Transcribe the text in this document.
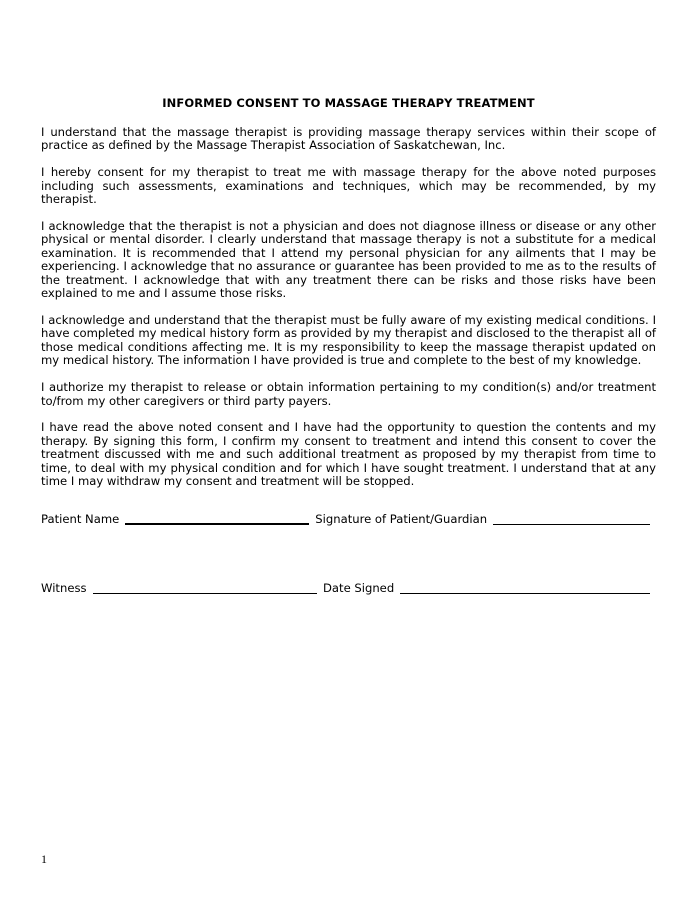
INFORMED CONSENT TO MASSAGE THERAPY TREATMENT

I understand that the massage therapist is providing massage therapy services within their scope of practice as defined by the Massage Therapist Association of Saskatchewan, Inc.

I hereby consent for my therapist to treat me with massage therapy for the above noted purposes including such assessments, examinations and techniques, which may be recommended, by my therapist.

I acknowledge that the therapist is not a physician and does not diagnose illness or disease or any other physical or mental disorder. I clearly understand that massage therapy is not a substitute for a medical examination. It is recommended that I attend my personal physician for any ailments that I may be experiencing. I acknowledge that no assurance or guarantee has been provided to me as to the results of the treatment. I acknowledge that with any treatment there can be risks and those risks have been explained to me and I assume those risks.

I acknowledge and understand that the therapist must be fully aware of my existing medical conditions. I have completed my medical history form as provided by my therapist and disclosed to the therapist all of those medical conditions affecting me. It is my responsibility to keep the massage therapist updated on my medical history. The information I have provided is true and complete to the best of my knowledge.

I authorize my therapist to release or obtain information pertaining to my condition(s) and/or treatment to/from my other caregivers or third party payers.

I have read the above noted consent and I have had the opportunity to question the contents and my therapy. By signing this form, I confirm my consent to treatment and intend this consent to cover the treatment discussed with me and such additional treatment as proposed by my therapist from time to time, to deal with my physical condition and for which I have sought treatment. I understand that at any time I may withdraw my consent and treatment will be stopped.

Patient Name	Signature of Patient/Guardian
Witness	Date Signed
1
